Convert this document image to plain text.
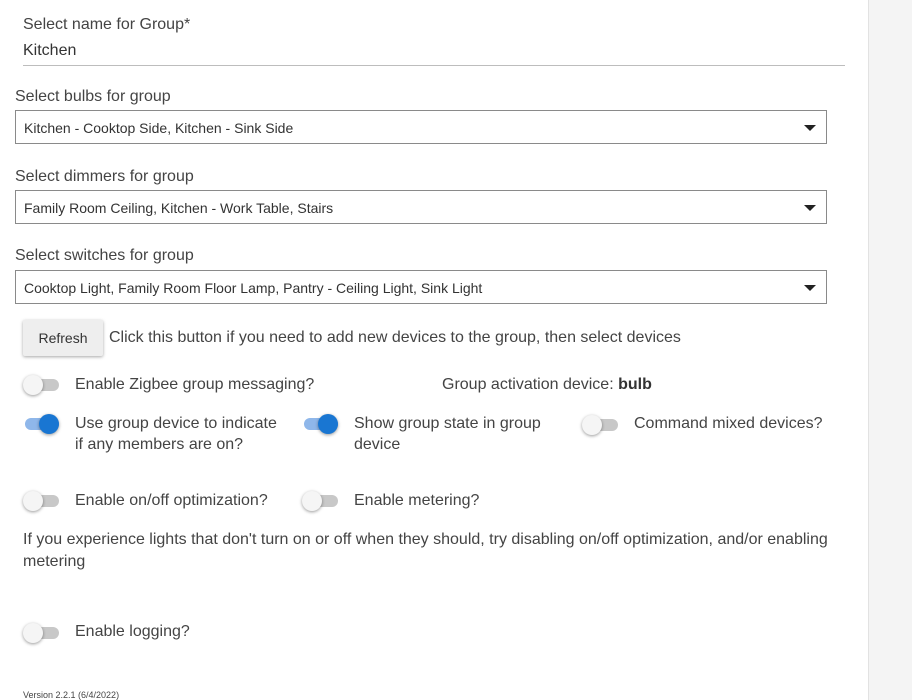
Select name for Group*
Kitchen
Select bulbs for group
Kitchen - Cooktop Side, Kitchen - Sink Side
Select dimmers for group
Family Room Ceiling, Kitchen - Work Table, Stairs
Select switches for group
Cooktop Light, Family Room Floor Lamp, Pantry - Ceiling Light, Sink Light
Refresh	Click this button if you need to add new devices to the group, then select devices
Enable Zigbee group messaging?	Group activation device: bulb
Use group device to indicate
if any members are on?
Show group state in group
device
Command mixed devices?
Enable on/off optimization?	Enable metering?
If you experience lights that don't turn on or off when they should, try disabling on/off optimization, and/or enabling metering
Enable logging?
Version 2.2.1 (6/4/2022)
